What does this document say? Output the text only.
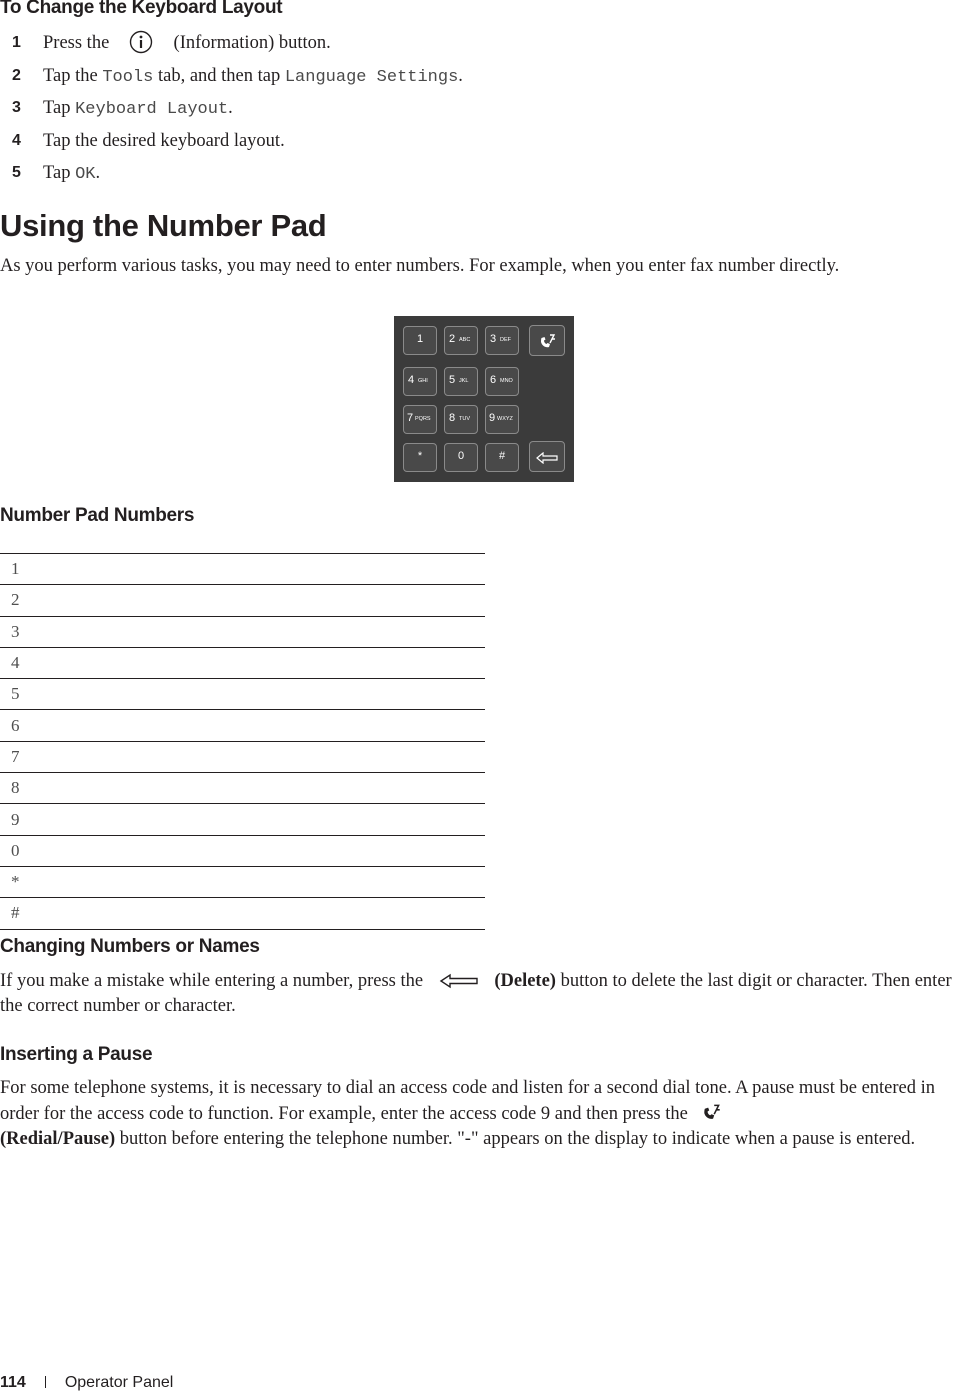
To Change the Keyboard Layout
1 Press the	(Information) button.
2 Tap the Tools tab, and then tap Language Settings.
3 Tap Keyboard Layout.
4 Tap the desired keyboard layout.
5 Tap OK.
Using the Number Pad
As you perform various tasks, you may need to enter numbers. For example, when you enter fax number directly.
1	2 ABC 3 DEF
4 GHI 5 JKL 6 MNO
7 PQRS 8 TUV 9 WXYZ
*	0	#
Number Pad Numbers
1
2
3
4
5
6
7
8
9
0
*
#
Changing Numbers or Names

If you make a mistake while entering a number, press the	(Delete) button to delete the last digit or character. Then enter the correct number or character.

Inserting a Pause

For some telephone systems, it is necessary to dial an access code and listen for a second dial tone. A pause must be entered in order for the access code to function. For example, enter the access code 9 and then press the
(Redial/Pause) button before entering the telephone number. "-" appears on the display to indicate when a pause is entered.

114 Operator Panel
